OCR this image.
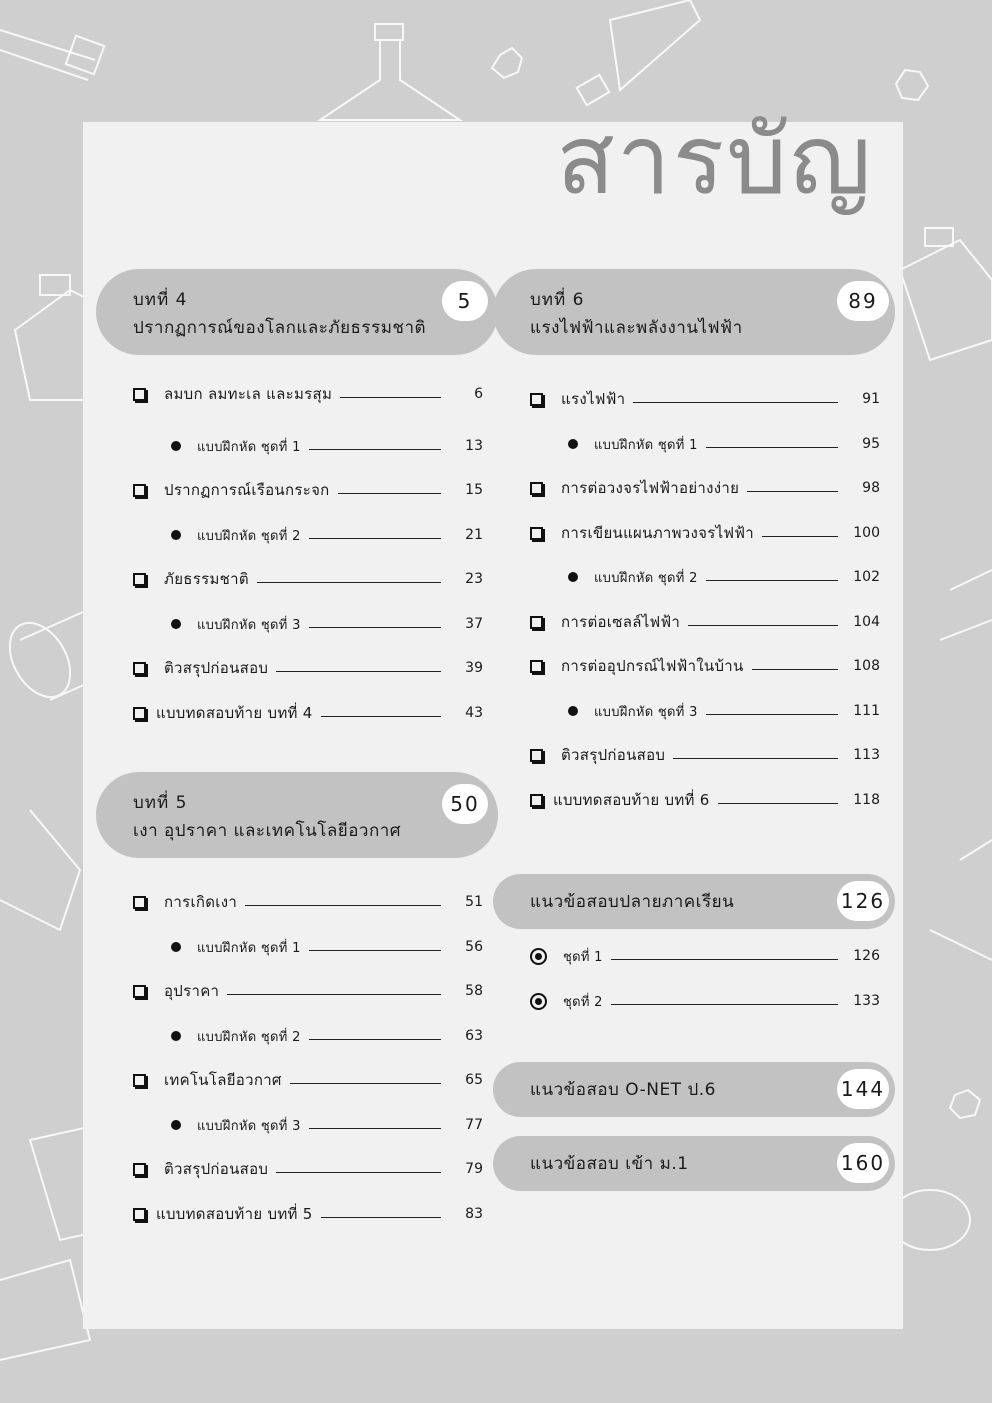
สารบัญ
บทที่ 4
ปรากฏการณ์ของโลกและภัยธรรมชาติ
5
ลมบก ลมทะเล และมรสุม	6
แบบฝึกหัด ชุดที่ 1	13
ปรากฏการณ์เรือนกระจก	15
แบบฝึกหัด ชุดที่ 2	21
ภัยธรรมชาติ	23
แบบฝึกหัด ชุดที่ 3	37
ติวสรุปก่อนสอบ	39
แบบทดสอบท้าย บทที่ 4	43
บทที่ 5
เงา อุปราคา และเทคโนโลยีอวกาศ
50
การเกิดเงา	51
แบบฝึกหัด ชุดที่ 1	56
อุปราคา	58
แบบฝึกหัด ชุดที่ 2	63
เทคโนโลยีอวกาศ	65
แบบฝึกหัด ชุดที่ 3	77
ติวสรุปก่อนสอบ	79
แบบทดสอบท้าย บทที่ 5	83
บทที่ 6
แรงไฟฟ้าและพลังงานไฟฟ้า
89
แรงไฟฟ้า	91
แบบฝึกหัด ชุดที่ 1	95
การต่อวงจรไฟฟ้าอย่างง่าย	98
การเขียนแผนภาพวงจรไฟฟ้า	100
แบบฝึกหัด ชุดที่ 2	102
การต่อเซลล์ไฟฟ้า	104
การต่ออุปกรณ์ไฟฟ้าในบ้าน	108
แบบฝึกหัด ชุดที่ 3	111
ติวสรุปก่อนสอบ	113
แบบทดสอบท้าย บทที่ 6	118
แนวข้อสอบปลายภาคเรียน	126
ชุดที่ 1	126
ชุดที่ 2	133
แนวข้อสอบ O-NET ป.6	144
แนวข้อสอบ เข้า ม.1	160
